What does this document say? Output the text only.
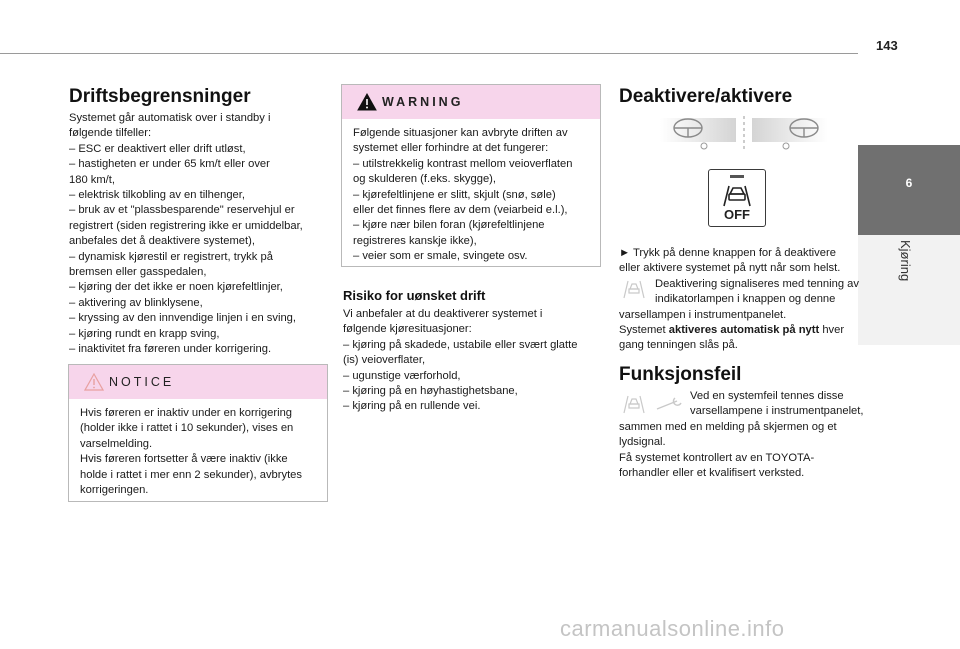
143
6
Kjøring
Driftsbegrensninger
Systemet går automatisk over i standby i
følgende tilfeller:
– ESC er deaktivert eller drift utløst,
– hastigheten er under 65 km/t eller over
180 km/t,
– elektrisk tilkobling av en tilhenger,
– bruk av et "plassbesparende" reservehjul er
registrert (siden registrering ikke er umiddelbar,
anbefales det å deaktivere systemet),
– dynamisk kjørestil er registrert, trykk på
bremsen eller gasspedalen,
– kjøring der det ikke er noen kjørefeltlinjer,
– aktivering av blinklysene,
– kryssing av den innvendige linjen i en sving,
– kjøring rundt en krapp sving,
– inaktivitet fra føreren under korrigering.
NOTICE
Hvis føreren er inaktiv under en korrigering
(holder ikke i rattet i 10 sekunder), vises en
varselmelding.
Hvis føreren fortsetter å være inaktiv (ikke
holde i rattet i mer enn 2 sekunder), avbrytes
korrigeringen.
WARNING
Følgende situasjoner kan avbryte driften av
systemet eller forhindre at det fungerer:
– utilstrekkelig kontrast mellom veioverflaten
og skulderen (f.eks. skygge),
– kjørefeltlinjene er slitt, skjult (snø, søle)
eller det finnes flere av dem (veiarbeid e.l.),
– kjøre nær bilen foran (kjørefeltlinjene
registreres kanskje ikke),
– veier som er smale, svingete osv.
Risiko for uønsket drift
Vi anbefaler at du deaktiverer systemet i
følgende kjøresituasjoner:
– kjøring på skadede, ustabile eller svært glatte
(is) veioverflater,
– ugunstige værforhold,
– kjøring på en høyhastighetsbane,
– kjøring på en rullende vei.
Deaktivere/aktivere
OFF
► Trykk på denne knappen for å deaktivere
eller aktivere systemet på nytt når som helst.
Deaktivering signaliseres med tenning av
indikatorlampen i knappen og denne
varsellampen i instrumentpanelet.
Systemet aktiveres automatisk på nytt hver
gang tenningen slås på.
Funksjonsfeil
Ved en systemfeil tennes disse
varsellampene i instrumentpanelet,
sammen med en melding på skjermen og et
lydsignal.
Få systemet kontrollert av en TOYOTA-
forhandler eller et kvalifisert verksted.
carmanualsonline.info
